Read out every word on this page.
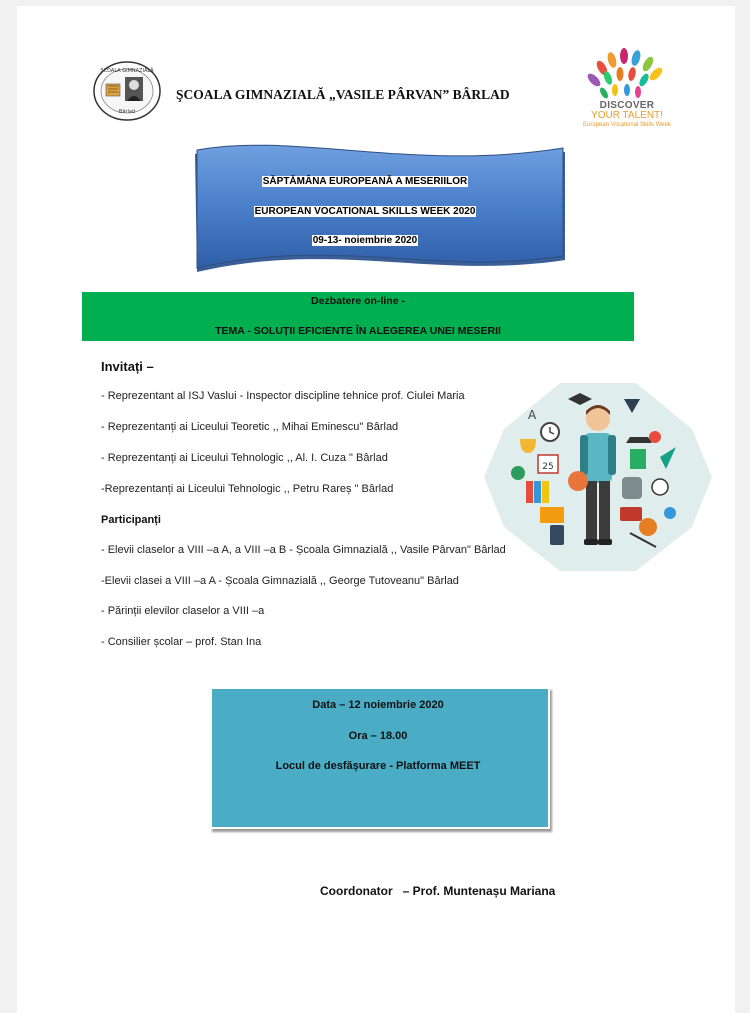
ȘCOALA GIMNAZIALĂ
Bârlad
ŞCOALA GIMNAZIALĂ „VASILE PÂRVAN” BÂRLAD
DISCOVER
YOUR TALENT!
European Vocational Skills Week
SĂPTĂMÂNA EUROPEANĂ A MESERIILOR
EUROPEAN VOCATIONAL SKILLS WEEK 2020
09-13- noiembrie 2020
Dezbatere on-line -
TEMA - SOLUȚII EFICIENTE ÎN ALEGEREA UNEI MESERII
Invitați –
- Reprezentant al ISJ Vaslui - Inspector discipline tehnice prof. Ciulei Maria
- Reprezentanți ai Liceului Teoretic ,, Mihai Eminescu" Bârlad
- Reprezentanți ai Liceului Tehnologic ,, Al. I. Cuza " Bârlad
-Reprezentanți ai Liceului Tehnologic ,, Petru Rareș " Bârlad
Participanți
- Elevii claselor a VIII –a A, a VIII –a B - Școala Gimnazială ,, Vasile Pârvan" Bârlad
-Elevii clasei a VIII –a A - Școala Gimnazială ,, George Tutoveanu" Bârlad
- Părinții elevilor claselor a VIII –a
- Consilier școlar – prof. Stan Ina
A
25
Data – 12 noiembrie 2020
Ora – 18.00
Locul de desfășurare - Platforma MEET
Coordonator   – Prof. Muntenașu Mariana
